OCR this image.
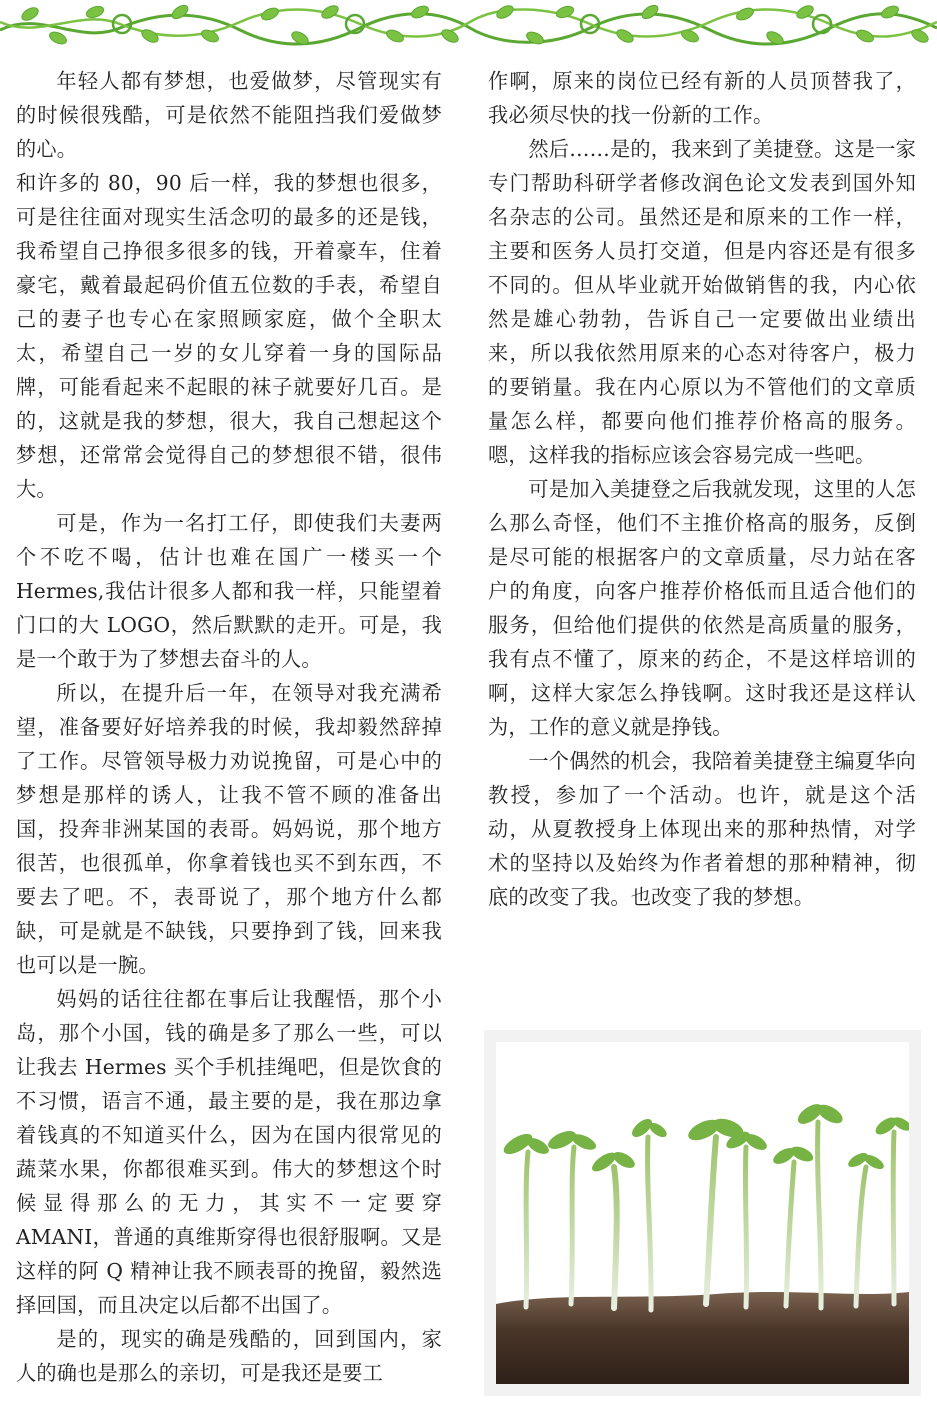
年轻人都有梦想，也爱做梦，尽管现实有的时候很残酷，可是依然不能阻挡我们爱做梦的心。

和许多的 80，90 后一样，我的梦想也很多，可是往往面对现实生活念叨的最多的还是钱，我希望自己挣很多很多的钱，开着豪车，住着豪宅，戴着最起码价值五位数的手表，希望自己的妻子也专心在家照顾家庭，做个全职太太，希望自己一岁的女儿穿着一身的国际品牌，可能看起来不起眼的袜子就要好几百。是的，这就是我的梦想，很大，我自己想起这个梦想，还常常会觉得自己的梦想很不错，很伟大。

可是，作为一名打工仔，即使我们夫妻两个不吃不喝，估计也难在国广一楼买一个 Hermes,我估计很多人都和我一样，只能望着门口的大 LOGO，然后默默的走开。可是，我是一个敢于为了梦想去奋斗的人。

所以，在提升后一年，在领导对我充满希望，准备要好好培养我的时候，我却毅然辞掉了工作。尽管领导极力劝说挽留，可是心中的梦想是那样的诱人，让我不管不顾的准备出国，投奔非洲某国的表哥。妈妈说，那个地方很苦，也很孤单，你拿着钱也买不到东西，不要去了吧。不，表哥说了，那个地方什么都缺，可是就是不缺钱，只要挣到了钱，回来我也可以是一腕。

妈妈的话往往都在事后让我醒悟，那个小岛，那个小国，钱的确是多了那么一些，可以让我去 Hermes 买个手机挂绳吧，但是饮食的不习惯，语言不通，最主要的是，我在那边拿着钱真的不知道买什么，因为在国内很常见的蔬菜水果，你都很难买到。伟大的梦想这个时候显得那么的无力，其实不一定要穿 AMANI，普通的真维斯穿得也很舒服啊。又是这样的阿 Q 精神让我不顾表哥的挽留，毅然选择回国，而且决定以后都不出国了。

是的，现实的确是残酷的，回到国内，家人的确也是那么的亲切，可是我还是要工

作啊，原来的岗位已经有新的人员顶替我了，我必须尽快的找一份新的工作。

然后……是的，我来到了美捷登。这是一家专门帮助科研学者修改润色论文发表到国外知名杂志的公司。虽然还是和原来的工作一样，主要和医务人员打交道，但是内容还是有很多不同的。但从毕业就开始做销售的我，内心依然是雄心勃勃，告诉自己一定要做出业绩出来，所以我依然用原来的心态对待客户，极力的要销量。我在内心原以为不管他们的文章质量怎么样，都要向他们推荐价格高的服务。嗯，这样我的指标应该会容易完成一些吧。

可是加入美捷登之后我就发现，这里的人怎么那么奇怪，他们不主推价格高的服务，反倒是尽可能的根据客户的文章质量，尽力站在客户的角度，向客户推荐价格低而且适合他们的服务，但给他们提供的依然是高质量的服务，我有点不懂了，原来的药企，不是这样培训的啊，这样大家怎么挣钱啊。这时我还是这样认为，工作的意义就是挣钱。

一个偶然的机会，我陪着美捷登主编夏华向教授，参加了一个活动。也许，就是这个活动，从夏教授身上体现出来的那种热情，对学术的坚持以及始终为作者着想的那种精神，彻底的改变了我。也改变了我的梦想。
